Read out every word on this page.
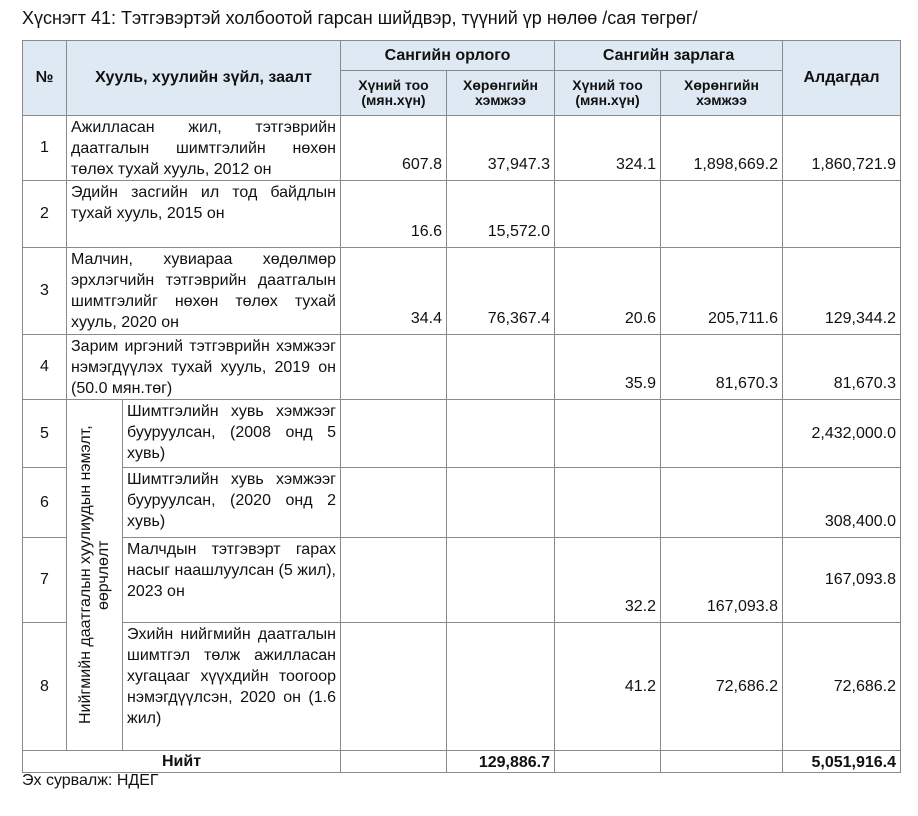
Хүснэгт 41: Тэтгэвэртэй холбоотой гарсан шийдвэр, түүний үр нөлөө /сая төгрөг/
№	Хууль, хуулийн зүйл, заалт		Сангийн орлого		Сангийн зарлага		Алдагдал
			Хүний тоо (мян.хүн)	Хөрөнгийн хэмжээ	Хүний тоо (мян.хүн)	Хөрөнгийн хэмжээ	
1	Ажилласан жил, тэтгэврийн даатгалын шимтгэлийн нөхөн төлөх тухай хууль, 2012 он		607.8	37,947.3	324.1	1,898,669.2	1,860,721.9
2	Эдийн засгийн ил тод байдлын тухай хууль, 2015 он		16.6	15,572.0			
3	Малчин, хувиараа хөдөлмөр эрхлэгчийн тэтгэврийн даатгалын шимтгэлийг нөхөн төлөх тухай хууль, 2020 он		34.4	76,367.4	20.6	205,711.6	129,344.2
4	Зарим иргэний тэтгэврийн хэмжээг нэмэгдүүлэх тухай хууль, 2019 он (50.0 мян.төг)				35.9	81,670.3	81,670.3
5	Нийгмийн даатгалын хуулиудын нэмэлт, өөрчлөлт	Шимтгэлийн хувь хэмжээг бууруулсан, (2008 онд 5 хувь)					2,432,000.0
6		Шимтгэлийн хувь хэмжээг бууруулсан, (2020 онд 2 хувь)					308,400.0
7		Малчдын тэтгэвэрт гарах насыг наашлуулсан (5 жил), 2023 он			32.2	167,093.8	167,093.8
8		Эхийн нийгмийн даатгалын шимтгэл төлж ажилласан хугацааг хүүхдийн тоогоор нэмэгдүүлсэн, 2020 он (1.6 жил)			41.2	72,686.2	72,686.2
Нийт				129,886.7			5,051,916.4
Эх сурвалж: НДЕГ
